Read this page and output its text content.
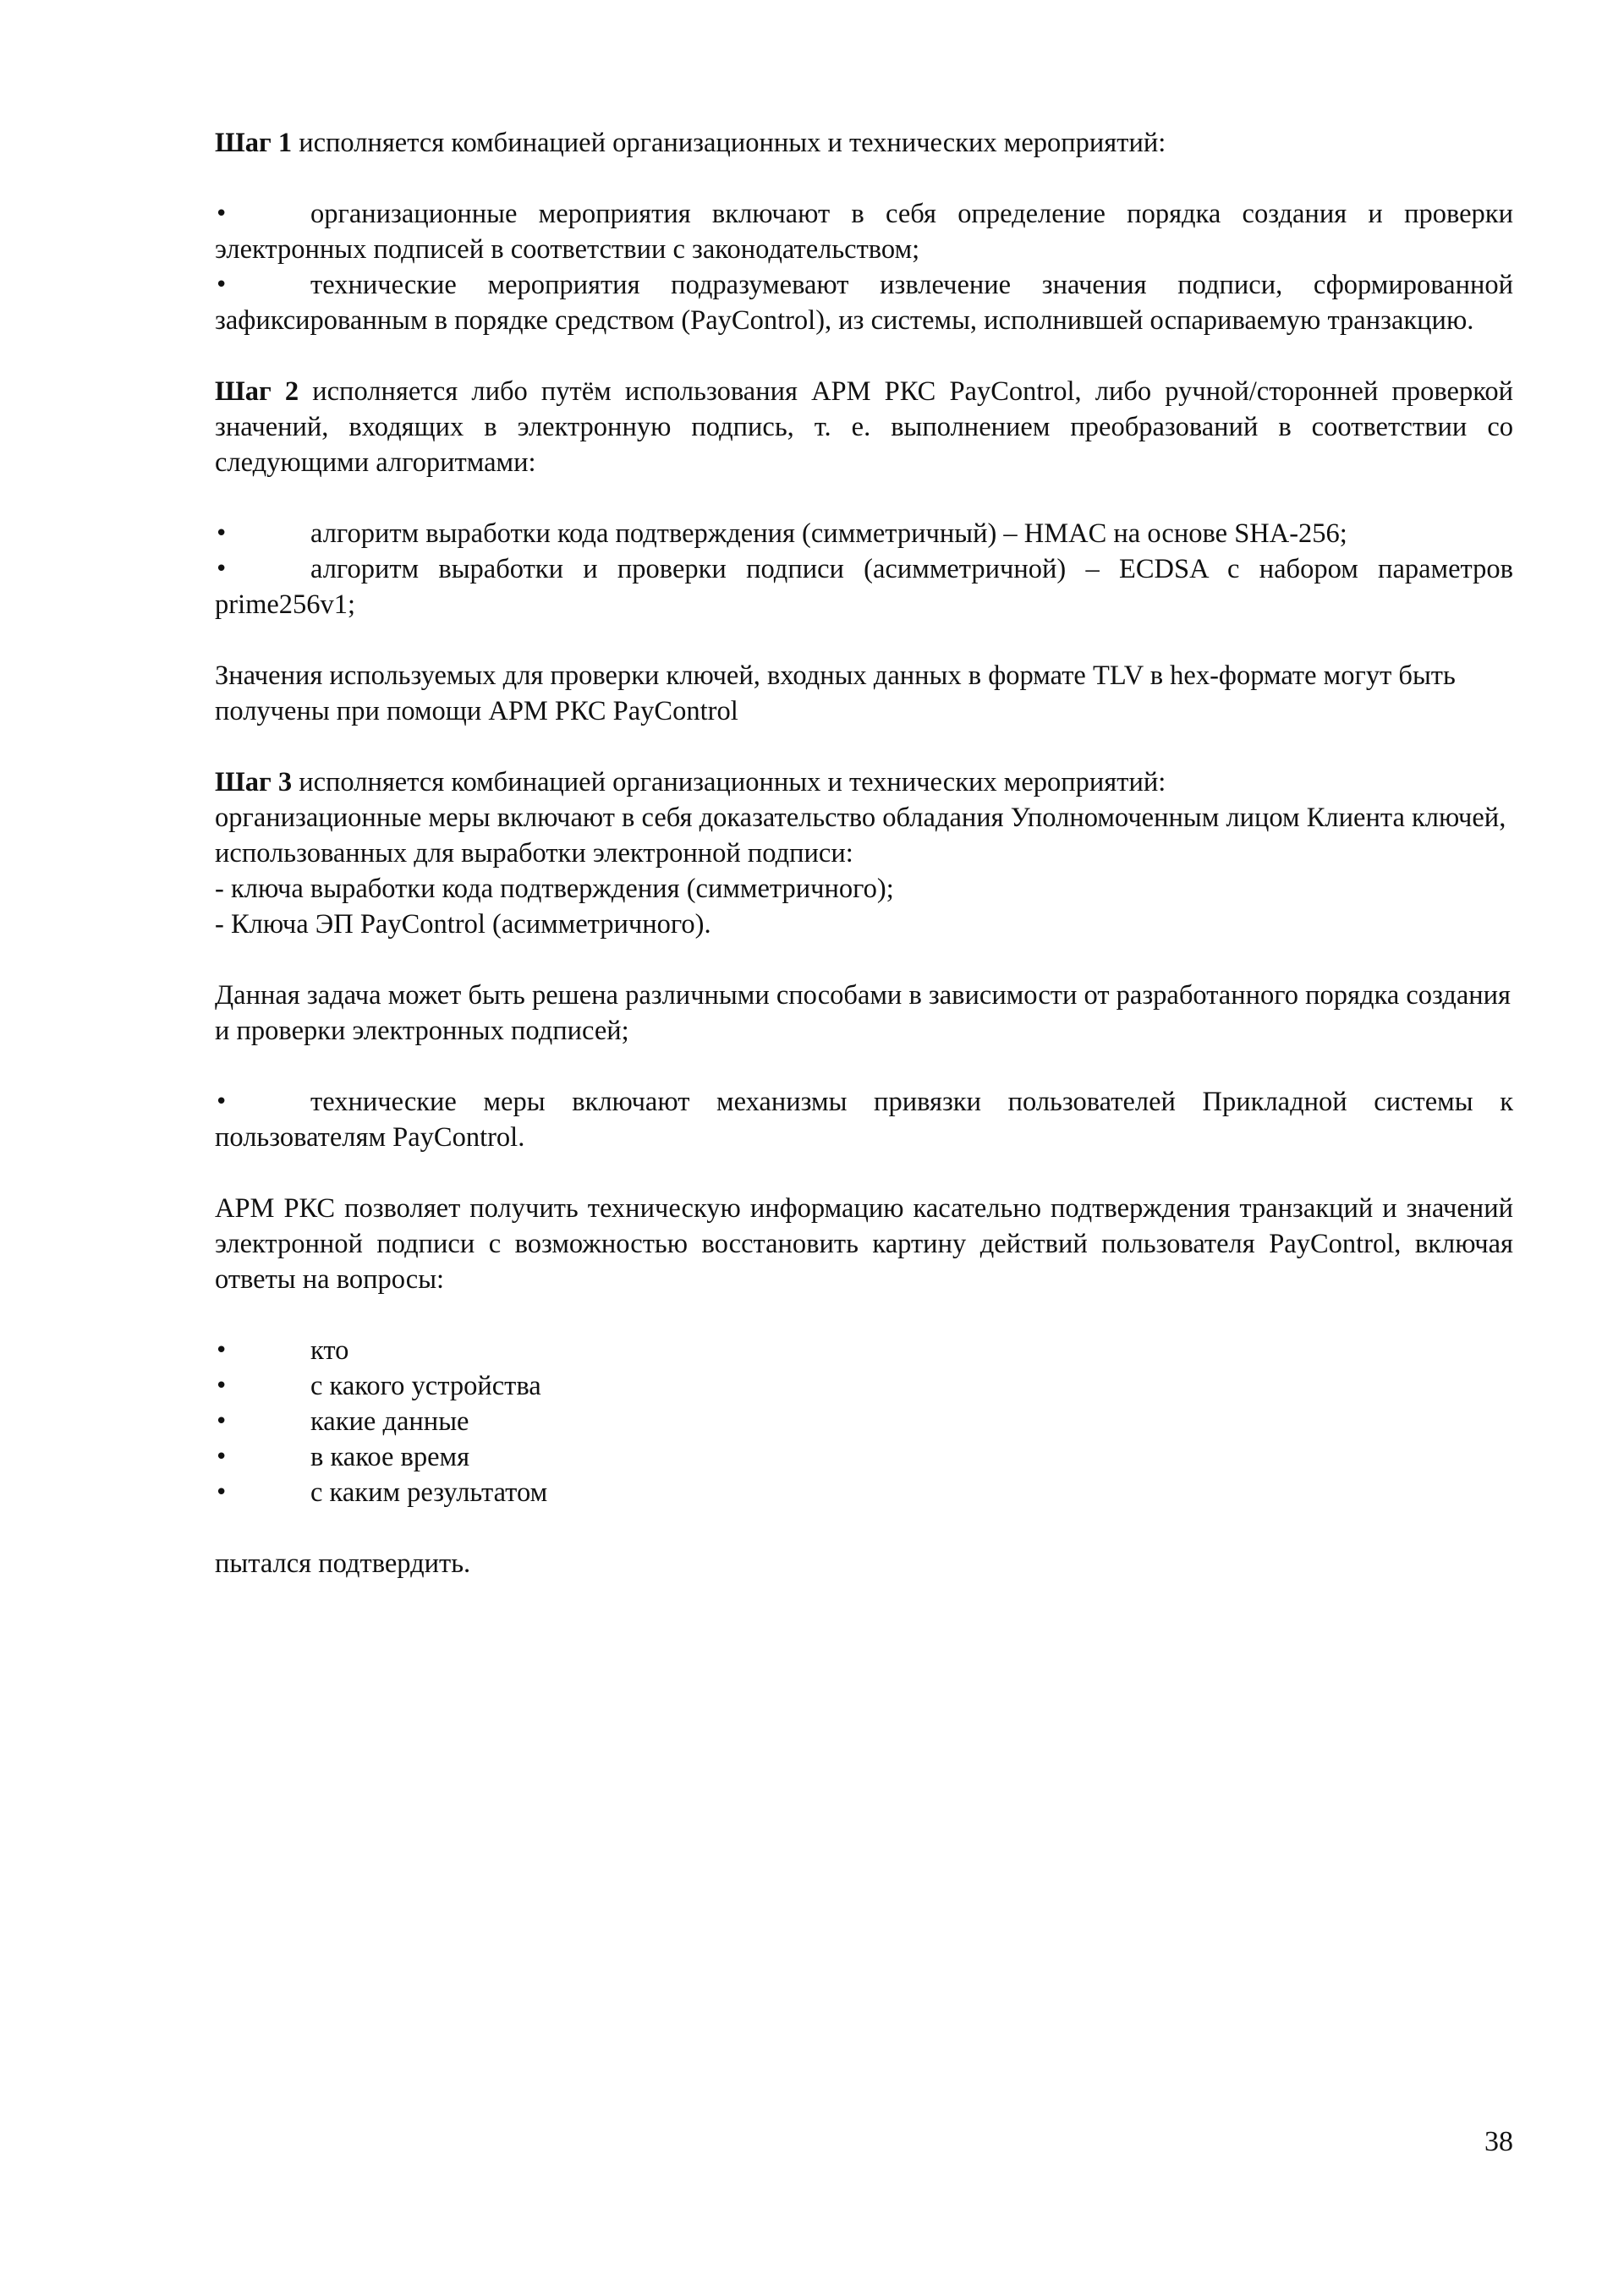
Шаг 1 исполняется комбинацией организационных и технических мероприятий:

•	организационные мероприятия включают в себя определение порядка создания и проверки электронных подписей в соответствии с законодательством;

•	технические мероприятия подразумевают извлечение значения подписи, сформированной зафиксированным в порядке средством (PayControl), из системы, исполнившей оспариваемую транзакцию.

Шаг 2 исполняется либо путём использования АРМ РКС PayControl, либо ручной/сторонней проверкой значений, входящих в электронную подпись, т. е. выполнением преобразований в соответствии со следующими алгоритмами:

•	алгоритм выработки кода подтверждения (симметричный) – HMAC на основе SHA-256;

•	алгоритм выработки и проверки подписи (асимметричной) – ECDSA с набором параметров prime256v1;

Значения используемых для проверки ключей, входных данных в формате TLV в hex-формате могут быть получены при помощи АРМ РКС PayControl

Шаг 3 исполняется комбинацией организационных и технических мероприятий:

организационные меры включают в себя доказательство обладания Уполномоченным лицом Клиента ключей, использованных для выработки электронной подписи:

- ключа выработки кода подтверждения (симметричного);

- Ключа ЭП PayControl (асимметричного).

Данная задача может быть решена различными способами в зависимости от разработанного порядка создания и проверки электронных подписей;

•	технические меры включают механизмы привязки пользователей Прикладной системы к пользователям PayControl.

АРМ РКС позволяет получить техническую информацию касательно подтверждения транзакций и значений электронной подписи с возможностью восстановить картину действий пользователя PayControl, включая ответы на вопросы:

•	кто

•	с какого устройства

•	какие данные

•	в какое время

•	с каким результатом

пытался подтвердить.

38
